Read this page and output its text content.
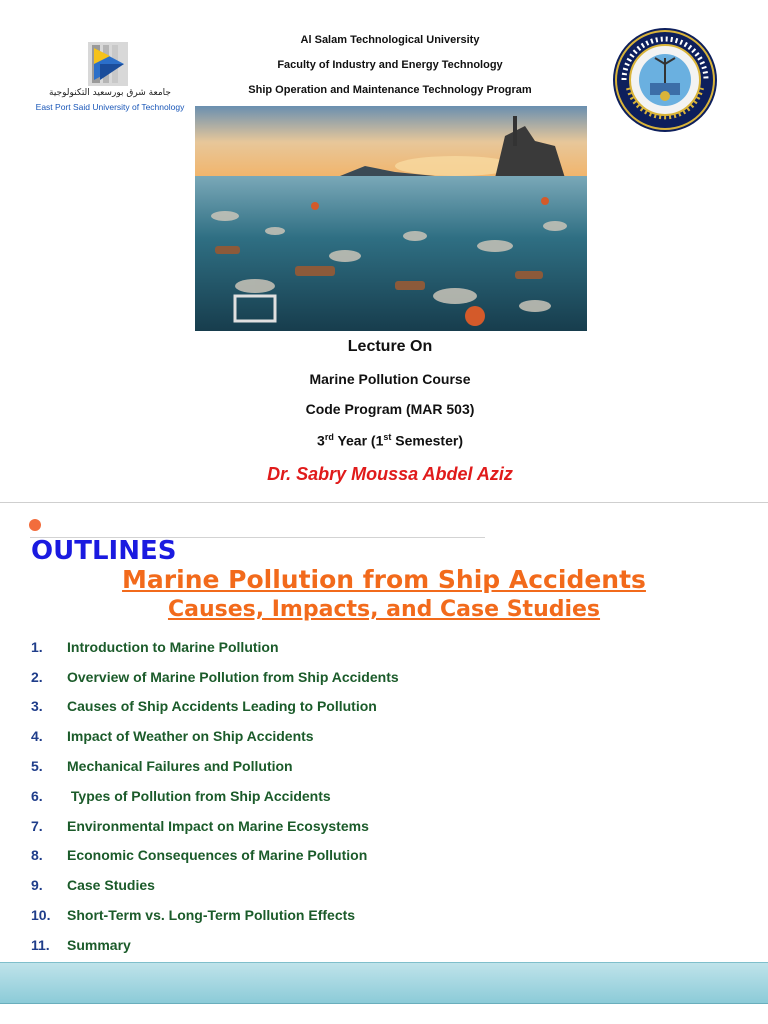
جامعة شرق بورسعيد التكنولوجية
East Port Said University of Technology
Al Salam Technological University
Faculty of Industry and Energy Technology
Ship Operation and Maintenance Technology Program
Lecture On
Marine Pollution Course
Code Program (MAR 503)
3rd Year (1st Semester)
Dr. Sabry Moussa Abdel Aziz
OUTLINES
Marine Pollution from Ship Accidents
Causes, Impacts, and Case Studies
1.	Introduction to Marine Pollution
2.	Overview of Marine Pollution from Ship Accidents
3.	Causes of Ship Accidents Leading to Pollution
4.	Impact of Weather on Ship Accidents
5.	Mechanical Failures and Pollution
6.	Types of Pollution from Ship Accidents
7.	Environmental Impact on Marine Ecosystems
8.	Economic Consequences of Marine Pollution
9.	Case Studies
10.	Short-Term vs. Long-Term Pollution Effects
11.	Summary
